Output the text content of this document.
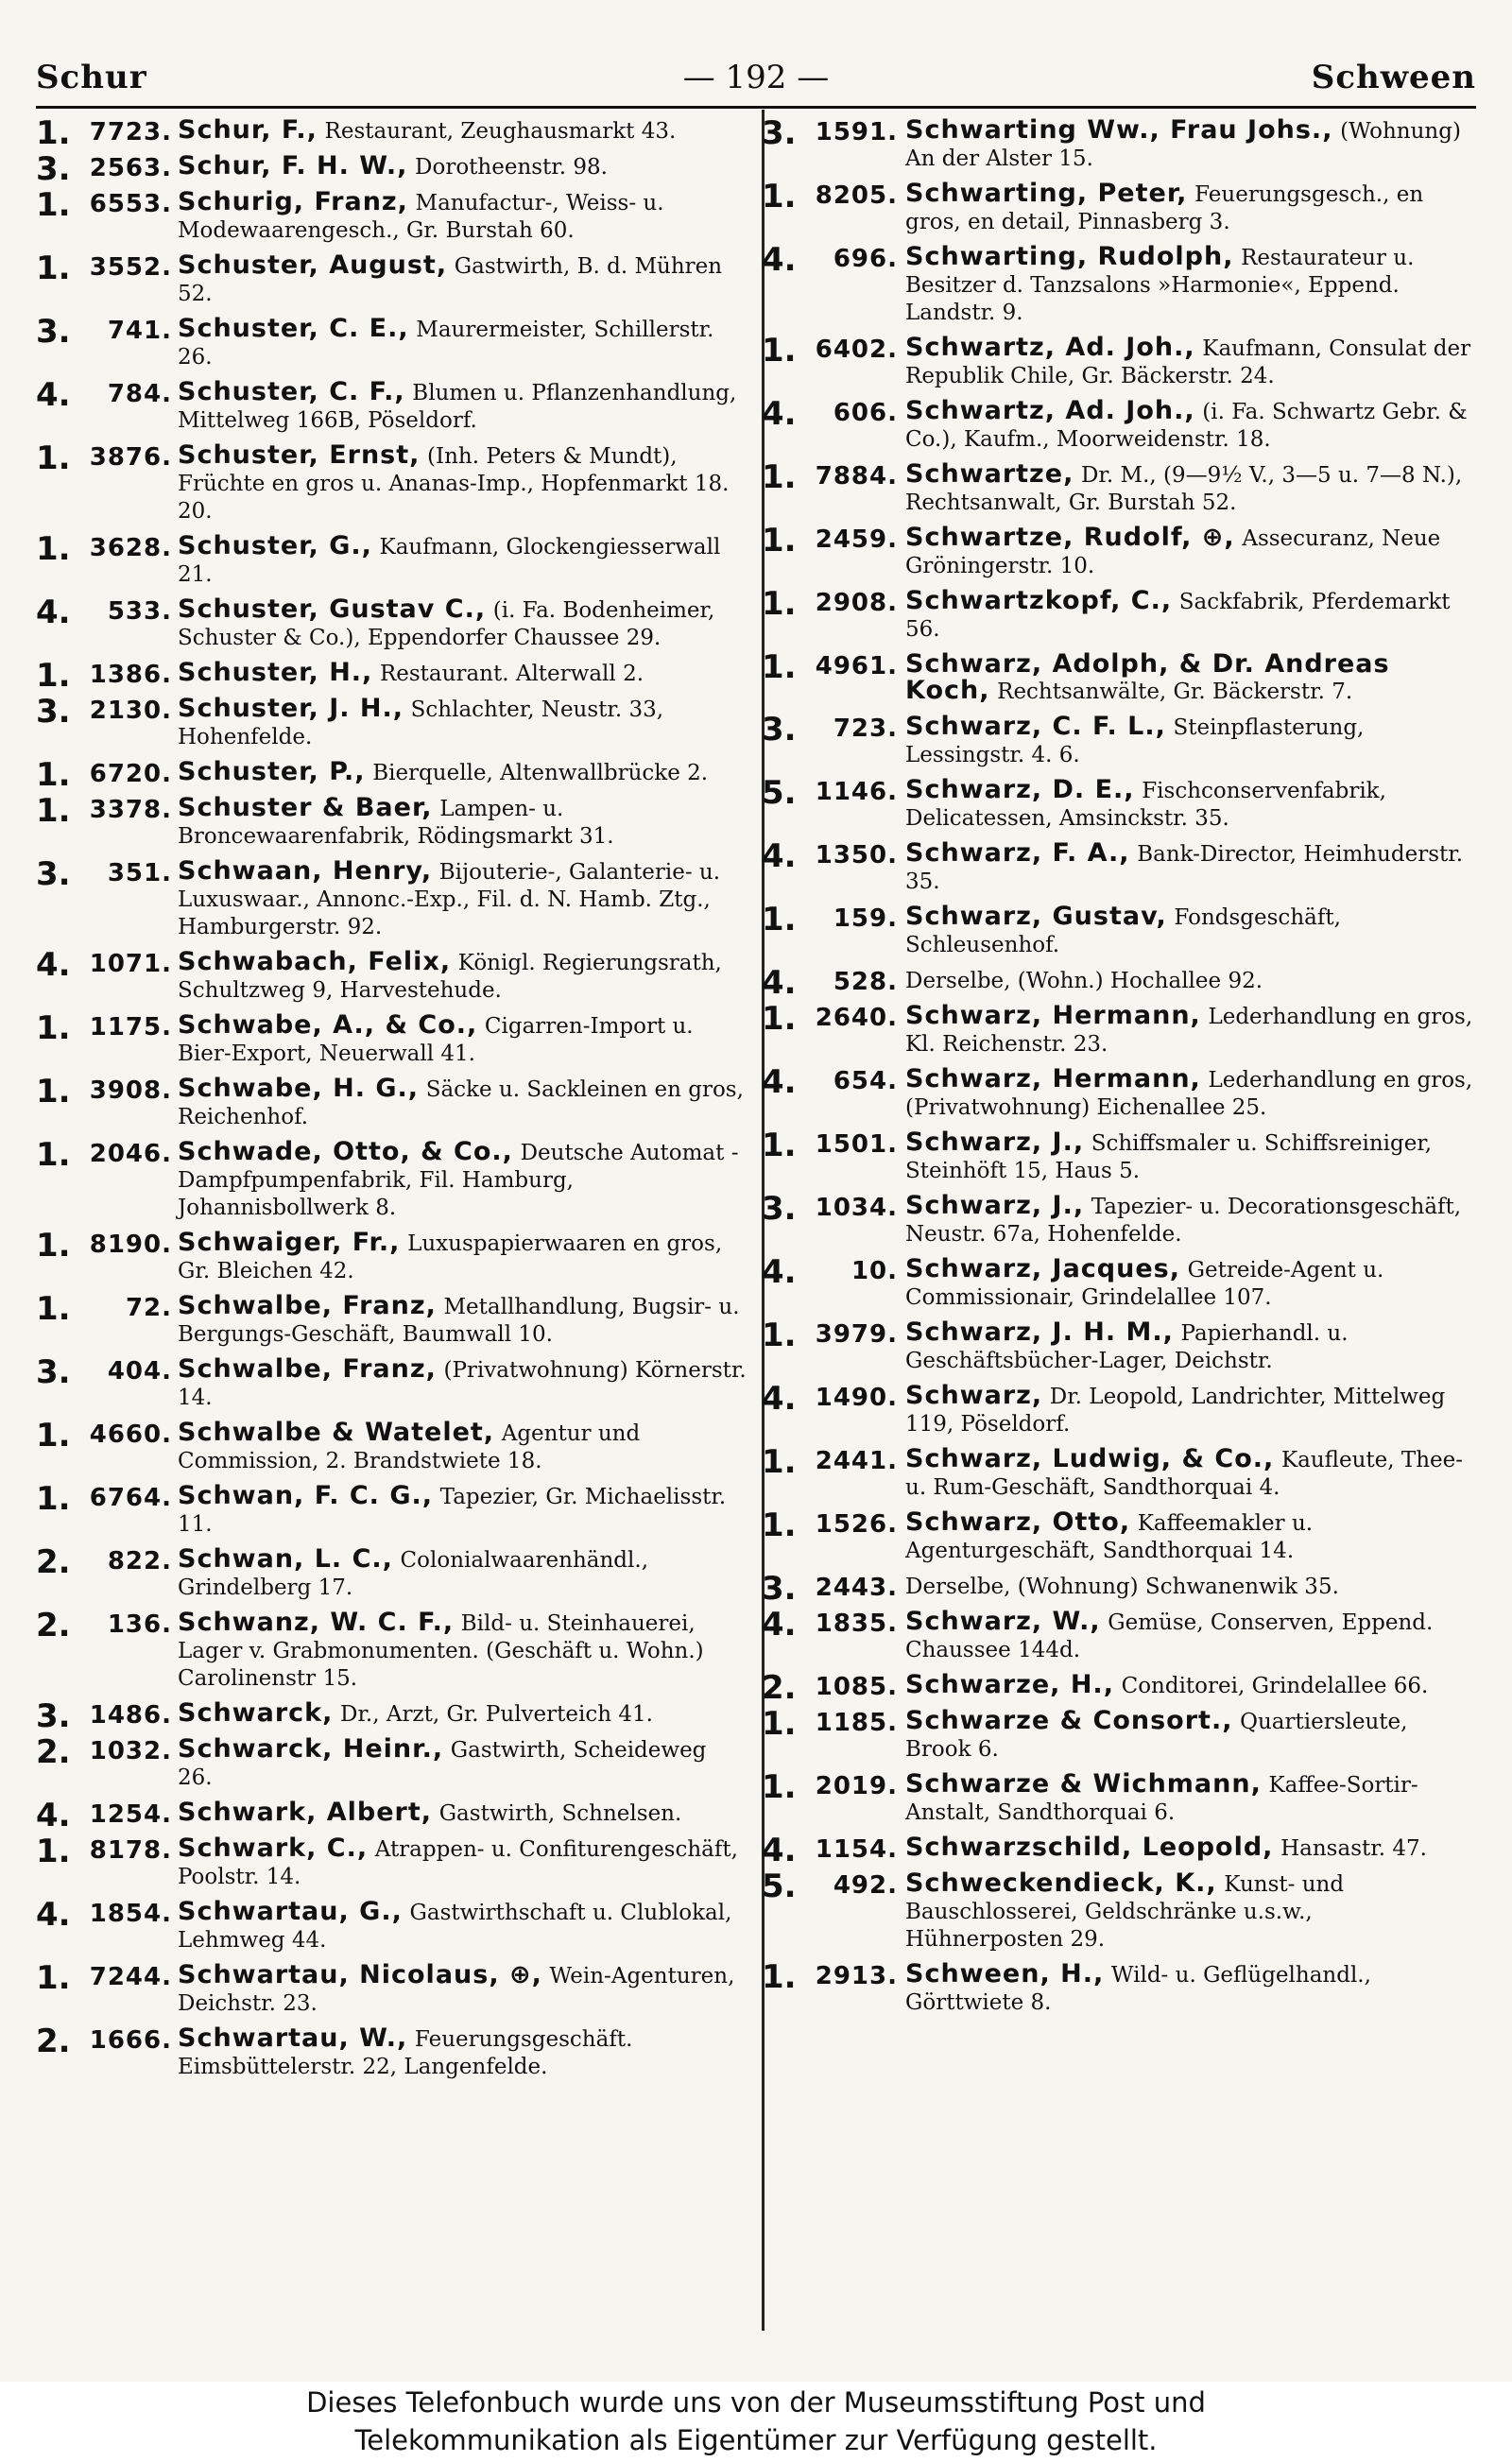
Schur	— 192 —	Schween
1. 7723. Schur, F., Restaurant, Zeughausmarkt 43.
3. 2563. Schur, F. H. W., Dorotheenstr. 98.
1. 6553. Schurig, Franz, Manufactur-, Weiss- u. Modewaarengesch., Gr. Burstah 60.
1. 3552. Schuster, August, Gastwirth, B. d. Mühren 52.
3.	741. Schuster, C. E., Maurermeister, Schillerstr. 26.
4.	784. Schuster, C. F., Blumen u. Pflanzenhandlung, Mittelweg 166B, Pöseldorf.
1. 3876. Schuster, Ernst, (Inh. Peters & Mundt), Früchte en gros u. Ananas-Imp., Hopfenmarkt 18. 20.
1. 3628. Schuster, G., Kaufmann, Glockengiesserwall 21.
4.	533. Schuster, Gustav C., (i. Fa. Bodenheimer, Schuster & Co.), Eppendorfer Chaussee 29.
1. 1386. Schuster, H., Restaurant. Alterwall 2.
3. 2130. Schuster, J. H., Schlachter, Neustr. 33, Hohenfelde.
1. 6720. Schuster, P., Bierquelle, Altenwallbrücke 2.
1. 3378. Schuster & Baer, Lampen- u. Broncewaarenfabrik, Rödingsmarkt 31.
3.	351. Schwaan, Henry, Bijouterie-, Galanterie- u. Luxuswaar., Annonc.-Exp., Fil. d. N. Hamb. Ztg., Hamburgerstr. 92.
4. 1071. Schwabach, Felix, Königl. Regierungsrath, Schultzweg 9, Harvestehude.
1. 1175. Schwabe, A., & Co., Cigarren-Import u. Bier-Export, Neuerwall 41.
1. 3908. Schwabe, H. G., Säcke u. Sackleinen en gros, Reichenhof.
1. 2046. Schwade, Otto, & Co., Deutsche Automat - Dampfpumpenfabrik, Fil. Hamburg, Johannisbollwerk 8.
1. 8190. Schwaiger, Fr., Luxuspapierwaaren en gros, Gr. Bleichen 42.
1.	72. Schwalbe, Franz, Metallhandlung, Bugsir- u. Bergungs-Geschäft, Baumwall 10.
3.	404. Schwalbe, Franz, (Privatwohnung) Körnerstr. 14.
1. 4660. Schwalbe & Watelet, Agentur und Commission, 2. Brandstwiete 18.
1. 6764. Schwan, F. C. G., Tapezier, Gr. Michaelisstr. 11.
2.	822. Schwan, L. C., Colonialwaarenhändl., Grindelberg 17.
2.	136. Schwanz, W. C. F., Bild- u. Steinhauerei, Lager v. Grabmonumenten. (Geschäft u. Wohn.) Carolinenstr 15.
3. 1486. Schwarck, Dr., Arzt, Gr. Pulverteich 41.
2. 1032. Schwarck, Heinr., Gastwirth, Scheideweg 26.
4. 1254. Schwark, Albert, Gastwirth, Schnelsen.
1. 8178. Schwark, C., Atrappen- u. Confiturengeschäft, Poolstr. 14.
4. 1854. Schwartau, G., Gastwirthschaft u. Clublokal, Lehmweg 44.
1. 7244. Schwartau, Nicolaus, ⊕, Wein-Agenturen, Deichstr. 23.
2. 1666. Schwartau, W., Feuerungsgeschäft. Eimsbüttelerstr. 22, Langenfelde.
3. 1591. Schwarting Ww., Frau Johs., (Wohnung) An der Alster 15.
1. 8205. Schwarting, Peter, Feuerungsgesch., en gros, en detail, Pinnasberg 3.
4.	696. Schwarting, Rudolph, Restaurateur u. Besitzer d. Tanzsalons »Harmonie«, Eppend. Landstr. 9.
1. 6402. Schwartz, Ad. Joh., Kaufmann, Consulat der Republik Chile, Gr. Bäckerstr. 24.
4.	606. Schwartz, Ad. Joh., (i. Fa. Schwartz Gebr. & Co.), Kaufm., Moorweidenstr. 18.
1. 7884. Schwartze, Dr. M., (9—9½ V., 3—5 u. 7—8 N.), Rechtsanwalt, Gr. Burstah 52.
1. 2459. Schwartze, Rudolf, ⊕, Assecuranz, Neue Gröningerstr. 10.
1. 2908. Schwartzkopf, C., Sackfabrik, Pferdemarkt 56.
1. 4961. Schwarz, Adolph, & Dr. Andreas Koch, Rechtsanwälte, Gr. Bäckerstr. 7.
3.	723. Schwarz, C. F. L., Steinpflasterung, Lessingstr. 4. 6.
5. 1146. Schwarz, D. E., Fischconservenfabrik, Delicatessen, Amsinckstr. 35.
4. 1350. Schwarz, F. A., Bank-Director, Heimhuderstr. 35.
1.	159. Schwarz, Gustav, Fondsgeschäft, Schleusenhof.
4.	528. Derselbe, (Wohn.) Hochallee 92.
1. 2640. Schwarz, Hermann, Lederhandlung en gros, Kl. Reichenstr. 23.
4.	654. Schwarz, Hermann, Lederhandlung en gros, (Privatwohnung) Eichenallee 25.
1. 1501. Schwarz, J., Schiffsmaler u. Schiffsreiniger, Steinhöft 15, Haus 5.
3. 1034. Schwarz, J., Tapezier- u. Decorationsgeschäft, Neustr. 67a, Hohenfelde.
4.	10. Schwarz, Jacques, Getreide-Agent u. Commissionair, Grindelallee 107.
1. 3979. Schwarz, J. H. M., Papierhandl. u. Geschäftsbücher-Lager, Deichstr.
4. 1490. Schwarz, Dr. Leopold, Landrichter, Mittelweg 119, Pöseldorf.
1. 2441. Schwarz, Ludwig, & Co., Kaufleute, Thee- u. Rum-Geschäft, Sandthorquai 4.
1. 1526. Schwarz, Otto, Kaffeemakler u. Agenturgeschäft, Sandthorquai 14.
3. 2443. Derselbe, (Wohnung) Schwanenwik 35.
4. 1835. Schwarz, W., Gemüse, Conserven, Eppend. Chaussee 144d.
2. 1085. Schwarze, H., Conditorei, Grindelallee 66.
1. 1185. Schwarze & Consort., Quartiersleute, Brook 6.
1. 2019. Schwarze & Wichmann, Kaffee-Sortir-Anstalt, Sandthorquai 6.
4. 1154. Schwarzschild, Leopold, Hansastr. 47.
5.	492. Schweckendieck, K., Kunst- und Bauschlosserei, Geldschränke u.s.w., Hühnerposten 29.
1. 2913. Schween, H., Wild- u. Geflügelhandl., Görttwiete 8.
Dieses Telefonbuch wurde uns von der Museumsstiftung Post und
Telekommunikation als Eigentümer zur Verfügung gestellt.
